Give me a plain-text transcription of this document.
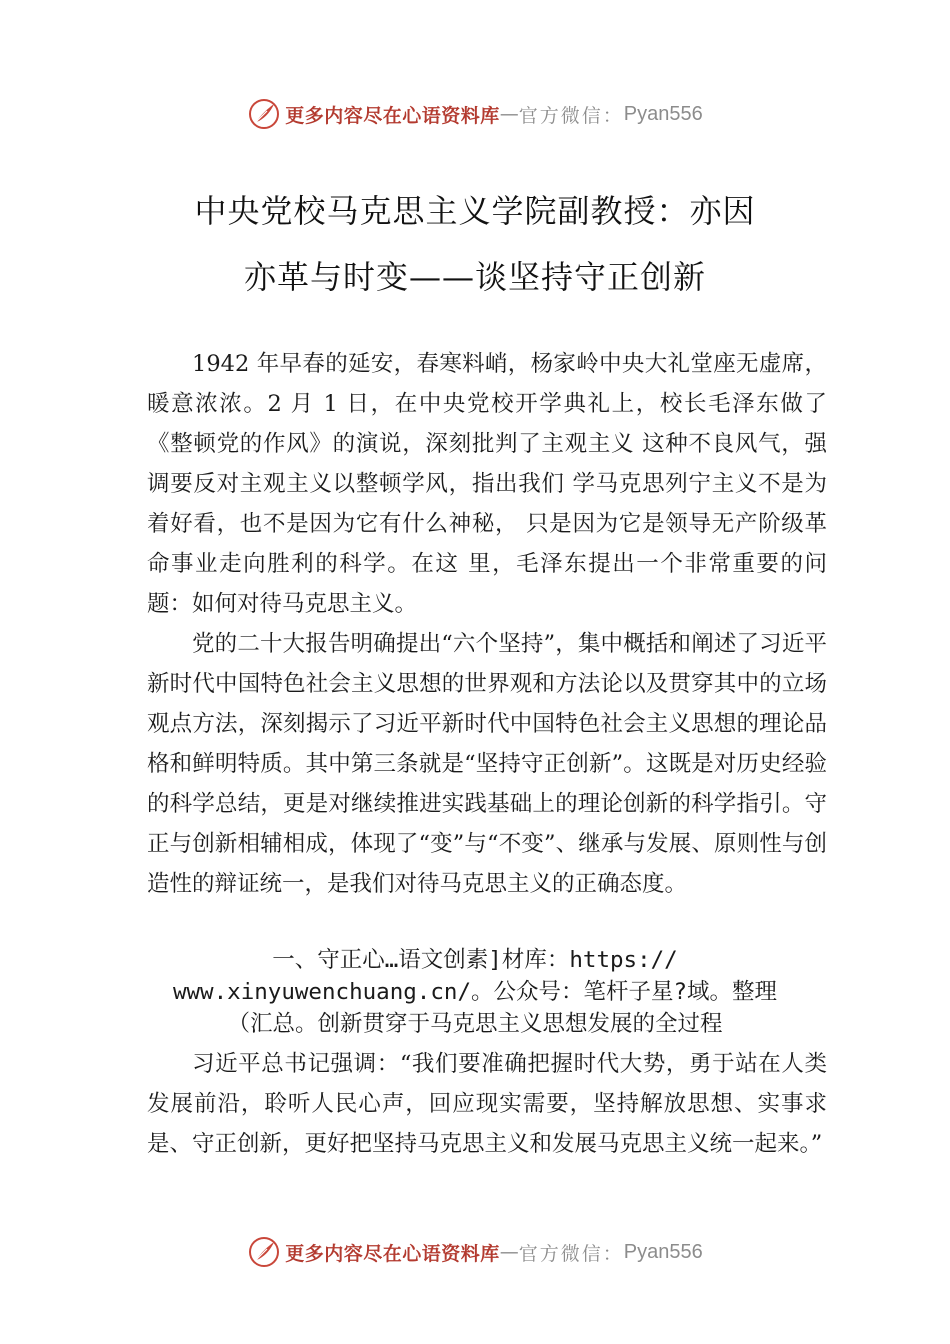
更多内容尽在心语资料库 — 官方微信： Pyan556
中央党校马克思主义学院副教授：亦因
亦革与时变——谈坚持守正创新

1942 年早春的延安，春寒料峭，杨家岭中央大礼堂座无虚席，暖意浓浓。2 月 1 日，在中央党校开学典礼上，校长毛泽东做了《整顿党的作风》的演说，深刻批判了主观主义 这种不良风气，强调要反对主观主义以整顿学风，指出我们 学马克思列宁主义不是为着好看，也不是因为它有什么神秘， 只是因为它是领导无产阶级革命事业走向胜利的科学。在这 里，毛泽东提出一个非常重要的问题：如何对待马克思主义。

党的二十大报告明确提出“六个坚持”，集中概括和阐述了习近平新时代中国特色社会主义思想的世界观和方法论以及贯穿其中的立场观点方法，深刻揭示了习近平新时代中国特色社会主义思想的理论品格和鲜明特质。其中第三条就是“坚持守正创新”。这既是对历史经验的科学总结，更是对继续推进实践基础上的理论创新的科学指引。守正与创新相辅相成，体现了“变”与“不变”、继承与发展、原则性与创造性的辩证统一，是我们对待马克思主义的正确态度。

一、守正心…语文创素]材库：https://
www.xinyuwenchuang.cn/。公众号：笔杆子星?域。整理
（汇总。创新贯穿于马克思主义思想发展的全过程

习近平总书记强调：“我们要准确把握时代大势，勇于站在人类发展前沿，聆听人民心声，回应现实需要，坚持解放思想、实事求是、守正创新，更好把坚持马克思主义和发展马克思主义统一起来。”

更多内容尽在心语资料库 — 官方微信： Pyan556
